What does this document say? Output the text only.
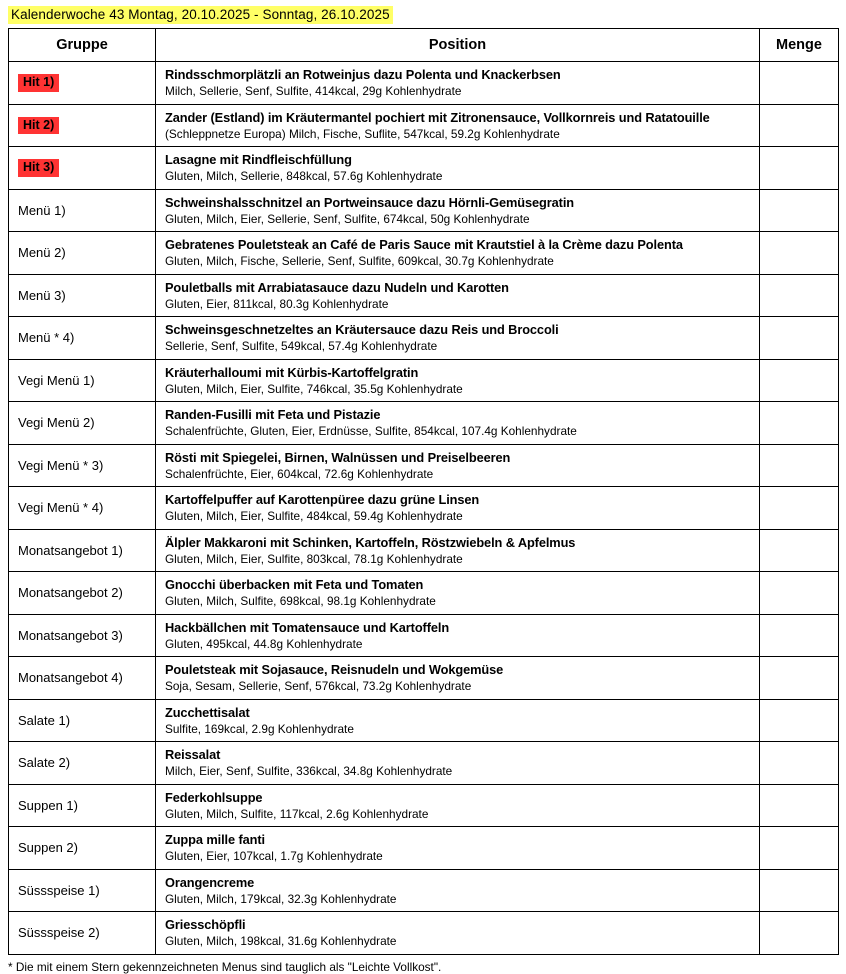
Kalenderwoche 43 Montag, 20.10.2025 - Sonntag, 26.10.2025
Gruppe	Position	Menge
Hit 1)	Rindsschmorplätzli an Rotweinjus dazu Polenta und Knackerbsen
Milch, Sellerie, Senf, Sulfite, 414kcal, 29g Kohlenhydrate	

Hit 2)	Zander (Estland) im Kräutermantel pochiert mit Zitronensauce, Vollkornreis und Ratatouille
(Schleppnetze Europa) Milch, Fische, Suflite, 547kcal, 59.2g Kohlenhydrate	

Hit 3)	Lasagne mit Rindfleischfüllung
Gluten, Milch, Sellerie, 848kcal, 57.6g Kohlenhydrate	

Menü 1)	Schweinshalsschnitzel an Portweinsauce dazu Hörnli-Gemüsegratin
Gluten, Milch, Eier, Sellerie, Senf, Sulfite, 674kcal, 50g Kohlenhydrate	

Menü 2)	Gebratenes Pouletsteak an Café de Paris Sauce mit Krautstiel à la Crème dazu Polenta
Gluten, Milch, Fische, Sellerie, Senf, Sulfite, 609kcal, 30.7g Kohlenhydrate	

Menü 3)	Pouletballs mit Arrabiatasauce dazu Nudeln und Karotten
Gluten, Eier, 811kcal, 80.3g Kohlenhydrate	

Menü * 4)	Schweinsgeschnetzeltes an Kräutersauce dazu Reis und Broccoli
Sellerie, Senf, Sulfite, 549kcal, 57.4g Kohlenhydrate	

Vegi Menü 1)	Kräuterhalloumi mit Kürbis-Kartoffelgratin
Gluten, Milch, Eier, Sulfite, 746kcal, 35.5g Kohlenhydrate	

Vegi Menü 2)	Randen-Fusilli mit Feta und Pistazie
Schalenfrüchte, Gluten, Eier, Erdnüsse, Sulfite, 854kcal, 107.4g Kohlenhydrate	

Vegi Menü * 3)	Rösti mit Spiegelei, Birnen, Walnüssen und Preiselbeeren
Schalenfrüchte, Eier, 604kcal, 72.6g Kohlenhydrate	

Vegi Menü * 4)	Kartoffelpuffer auf Karottenpüree dazu grüne Linsen
Gluten, Milch, Eier, Sulfite, 484kcal, 59.4g Kohlenhydrate	

Monatsangebot 1)	Älpler Makkaroni mit Schinken, Kartoffeln, Röstzwiebeln & Apfelmus
Gluten, Milch, Eier, Sulfite, 803kcal, 78.1g Kohlenhydrate	

Monatsangebot 2)	Gnocchi überbacken mit Feta und Tomaten
Gluten, Milch, Sulfite, 698kcal, 98.1g Kohlenhydrate	

Monatsangebot 3)	Hackbällchen mit Tomatensauce und Kartoffeln
Gluten, 495kcal, 44.8g Kohlenhydrate	

Monatsangebot 4)	Pouletsteak mit Sojasauce, Reisnudeln und Wokgemüse
Soja, Sesam, Sellerie, Senf, 576kcal, 73.2g Kohlenhydrate	

Salate 1)	Zucchettisalat
Sulfite, 169kcal, 2.9g Kohlenhydrate	

Salate 2)	Reissalat
Milch, Eier, Senf, Sulfite, 336kcal, 34.8g Kohlenhydrate	

Suppen 1)	Federkohlsuppe
Gluten, Milch, Sulfite, 117kcal, 2.6g Kohlenhydrate	

Suppen 2)	Zuppa mille fanti
Gluten, Eier, 107kcal, 1.7g Kohlenhydrate	

Süssspeise 1)	Orangencreme
Gluten, Milch, 179kcal, 32.3g Kohlenhydrate	

Süssspeise 2)	Griesschöpfli
Gluten, Milch, 198kcal, 31.6g Kohlenhydrate	

* Die mit einem Stern gekennzeichneten Menus sind tauglich als "Leichte Vollkost".
